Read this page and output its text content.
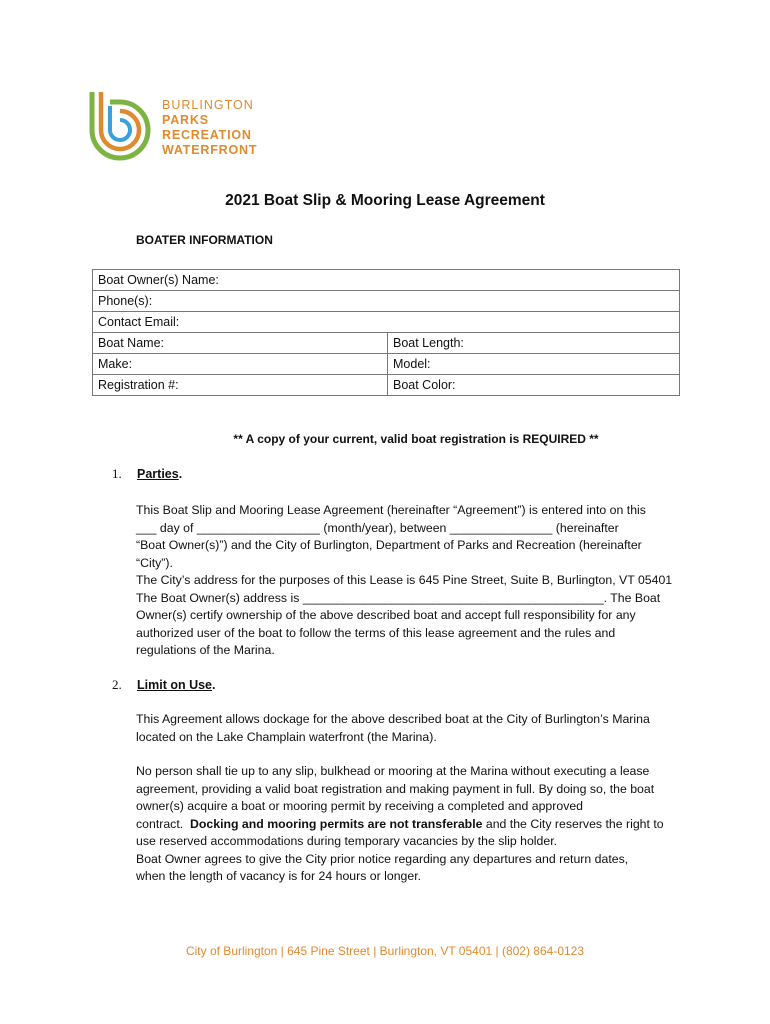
BURLINGTON
PARKS
RECREATION
WATERFRONT
2021 Boat Slip & Mooring Lease Agreement
BOATER INFORMATION
Boat Owner(s) Name:	
Phone(s):	
Contact Email:	
Boat Name:	Boat Length:
Make:	Model:
Registration #:	Boat Color:
** A copy of your current, valid boat registration is REQUIRED **
1. Parties.

This Boat Slip and Mooring Lease Agreement (hereinafter “Agreement”) is entered into on this

___ day of __________________ (month/year), between _______________ (hereinafter

“Boat Owner(s)”) and the City of Burlington, Department of Parks and Recreation (hereinafter

“City”).

The City’s address for the purposes of this Lease is 645 Pine Street, Suite B, Burlington, VT 05401

The Boat Owner(s) address is ____________________________________________. The Boat

Owner(s) certify ownership of the above described boat and accept full responsibility for any

authorized user of the boat to follow the terms of this lease agreement and the rules and

regulations of the Marina.

2. Limit on Use.

This Agreement allows dockage for the above described boat at the City of Burlington’s Marina

located on the Lake Champlain waterfront (the Marina).

No person shall tie up to any slip, bulkhead or mooring at the Marina without executing a lease

agreement, providing a valid boat registration and making payment in full. By doing so, the boat

owner(s) acquire a boat or mooring permit by receiving a completed and approved

contract.  Docking and mooring permits are not transferable and the City reserves the right to

use reserved accommodations during temporary vacancies by the slip holder.

Boat Owner agrees to give the City prior notice regarding any departures and return dates,

when the length of vacancy is for 24 hours or longer.

City of Burlington | 645 Pine Street | Burlington, VT 05401 | (802) 864-0123
